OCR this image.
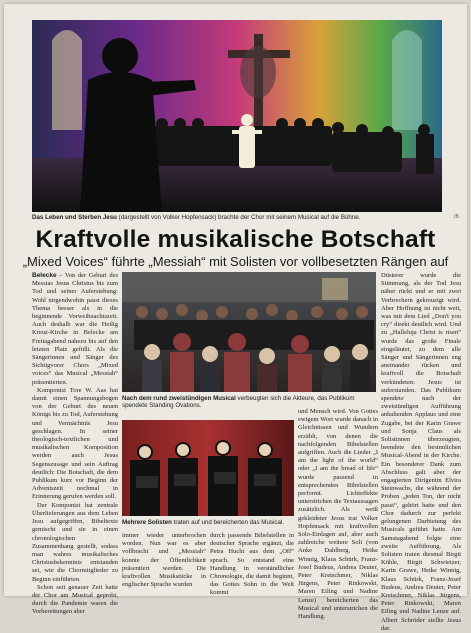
Das Leben und Sterben Jesu (dargestellt von Volker Hopfensack) brachte der Chor mit seinem Musical auf die Bühne.	JB
Kraftvolle musikalische Botschaft
„Mixed Voices“ führte „Messiah“ mit Solisten vor vollbesetzten Rängen auf

Belecke – Von der Geburt des Messias Jesus Christus bis zum Tod und seiner Auferstehung: Wohl nirgendwohin passt dieses Thema besser als in die beginnende Vorweihnachtszeit. Auch deshalb war die Heilig Kreuz-Kirche in Belecke am Freitagabend nahezu bis auf den letzten Platz gefüllt. Als die Sängerinnen und Sänger des Sichtigvorer Chors „Mixed voices“ das Musical „Messiah“ präsentierten.

Komponist Tore W. Aas hat damit einen Spannungsbogen von der Geburt des neuen Königs bis zu Tod, Auferstehung und Vermächtnis Jesu geschlagen. In seiner theologisch-textlichen und musikalischen Komposition werden auch Jesus Segenszusage und sein Auftrag deutlich: Die Botschaft, die dem Publikum kurz vor Beginn der Adventszeit nochmal in Erinnerung gerufen werden soll.

Der Komponist hat zentrale Überlieferungen aus dem Leben Jesu aufgegriffen, Bibeltexte gemischt und sie in einen chronologischen Zusammenhang gestellt, sodass man wahres musikalisches Christusbekenntnis entstanden sei, wie die Chormitglieder zu Beginn einführten.

Schon seit genauer Zeit hatte der Chor am Musical geprobt, durch die Pandemie waren die Vorbereitungen aber

Nach dem rund zweistündigen Musical verbeugten sich die Akteure, das Publikum spendete Standing Ovations.
Mehrere Solisten traten auf und bereicherten das Musical.

immer wieder unterbrochen worden. Nun war es aber vollbracht und „Messiah“ konnte der Öffentlichkeit präsentiert werden. Die kraftvollen Musikstücke in englischer Sprache wurden

durch passende Bibelstellen in deutscher Sprache ergänzt, die Petra Hucht aus dem „Off“ sprach. So entstand eine Handlung in verständlicher Chronologie, die damit beginnt, das Gottes Sohn in die Welt kommt

und Mensch wird. Von Gottes ewigem Wort wurde danach in Gleichnissen und Wundern erzählt, von denen die nachfolgenden Bibelstellen aufgriffen. Auch die Lieder „I am the light of the world“ oder „I am the bread of life“ wurde passend in entsprechenden Bibelstellen performt. Lichteffekte unterstrichen die Textaussagen zusätzlich. Als weiß gekleideter Jesus trat Volker Hopfensack mit kraftvollen Solo-Einlagen auf, aber auch zahlreiche weitere Soli (von Anke Dahlberg, Heike Winnig, Klaus Schürk, Franz-Josef Budeus, Andrea Deuter, Peter Kretschmer, Niklas Jürgens, Peter Rinkowski, Maren Eiling und Nadine Lenze) bereicherten das Musical und unterstrichen die Handlung.

Düsterer wurde die Stimmung, als der Tod Jesu näher rückt und er mit zwei Verbrechern gekreuzigt wird. Aber Hoffnung ist nicht weit, was mit dem Lied „Don't you cry“ direkt deutlich wird. Und zu „Halleluja Christ is risen“ wurde das große Finale eingeläutet, zu dem alle Sänger und Sängerinnen eng aneinander rücken und kraftvoll die Botschaft verkündeten: Jesus ist auferstanden. Das Publikum spendete nach der zweistündigen Aufführung anhaltenden Applaus und eine Zugabe, bei der Karin Grawe und Sonja Claus als Solistinnen überzeugten, beendete den besinnlichen Musical-Abend in der Kirche. Ein besonderer Dank zum Abschluss galt aber der engagierten Dirigentin Elvira Steinwachs, die während der Proben „jeden Ton, der nicht passt“, gehört hatte und den Chor dadurch zur perfekt gelungenen Darbietung des Musicals geführt hatte. Am Samstagabend folgte eine zweite Aufführung. Als Solisten traten diesmal Birgit Kühle, Birgit Schwietzer, Karin Grawe, Heike Winnig, Klaus Schürk, Franz-Josef Budeus, Andrea Deuter, Peter Kretschmer, Niklas Jürgens, Peter Rinkowski, Maren Eiling und Nadine Lenze auf. Albert Schröder stellte Jesus dar.
